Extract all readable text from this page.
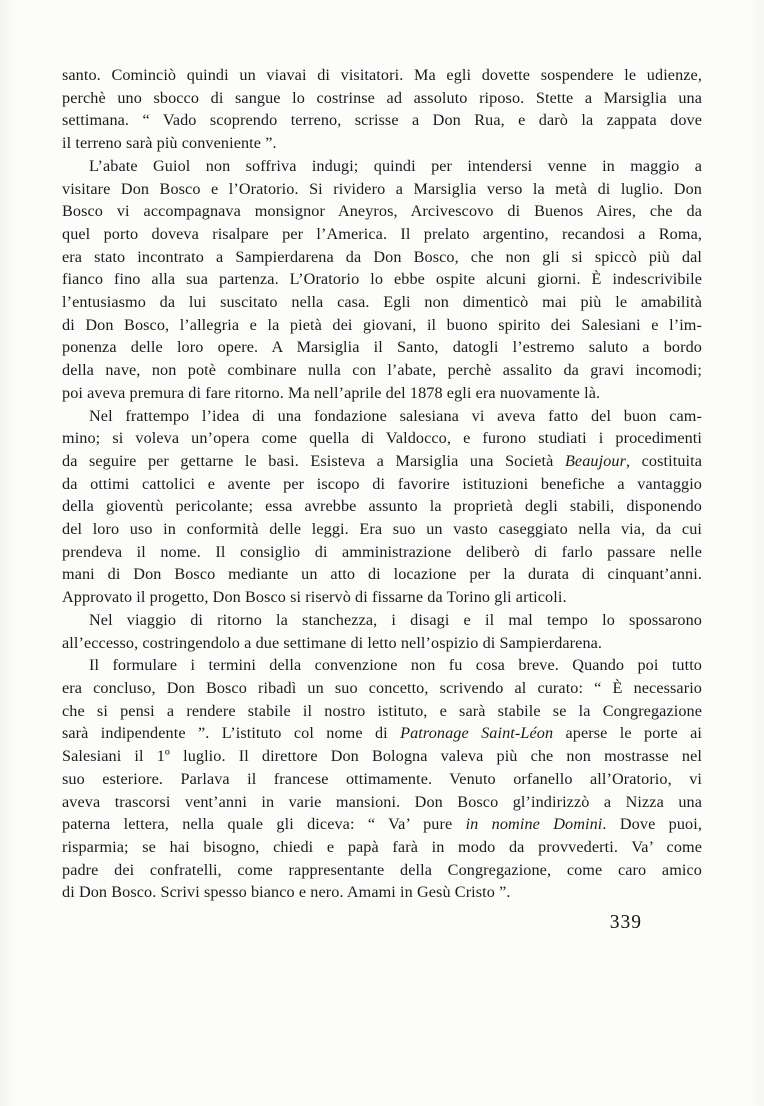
santo. Cominciò quindi un viavai di visitatori. Ma egli dovette sospendere le udienze,
perchè uno sbocco di sangue lo costrinse ad assoluto riposo. Stette a Marsiglia una
settimana. “ Vado scoprendo terreno, scrisse a Don Rua, e darò la zappata dove
il terreno sarà più conveniente ”.

L’abate Guiol non soffriva indugi; quindi per intendersi venne in maggio a
visitare Don Bosco e l’Oratorio. Si rividero a Marsiglia verso la metà di luglio. Don
Bosco vi accompagnava monsignor Aneyros, Arcivescovo di Buenos Aires, che da
quel porto doveva risalpare per l’America. Il prelato argentino, recandosi a Roma,
era stato incontrato a Sampierdarena da Don Bosco, che non gli si spiccò più dal
fianco fino alla sua partenza. L’Oratorio lo ebbe ospite alcuni giorni. È indescrivibile
l’entusiasmo da lui suscitato nella casa. Egli non dimenticò mai più le amabilità
di Don Bosco, l’allegria e la pietà dei giovani, il buono spirito dei Salesiani e l’im-
ponenza delle loro opere. A Marsiglia il Santo, datogli l’estremo saluto a bordo
della nave, non potè combinare nulla con l’abate, perchè assalito da gravi incomodi;
poi aveva premura di fare ritorno. Ma nell’aprile del 1878 egli era nuovamente là.

Nel frattempo l’idea di una fondazione salesiana vi aveva fatto del buon cam-
mino; si voleva un’opera come quella di Valdocco, e furono studiati i procedimenti
da seguire per gettarne le basi. Esisteva a Marsiglia una Società Beaujour, costituita
da ottimi cattolici e avente per iscopo di favorire istituzioni benefiche a vantaggio
della gioventù pericolante; essa avrebbe assunto la proprietà degli stabili, disponendo
del loro uso in conformità delle leggi. Era suo un vasto caseggiato nella via, da cui
prendeva il nome. Il consiglio di amministrazione deliberò di farlo passare nelle
mani di Don Bosco mediante un atto di locazione per la durata di cinquant’anni.
Approvato il progetto, Don Bosco si riservò di fissarne da Torino gli articoli.

Nel viaggio di ritorno la stanchezza, i disagi e il mal tempo lo spossarono
all’eccesso, costringendolo a due settimane di letto nell’ospizio di Sampierdarena.

Il formulare i termini della convenzione non fu cosa breve. Quando poi tutto
era concluso, Don Bosco ribadì un suo concetto, scrivendo al curato: “ È necessario
che si pensi a rendere stabile il nostro istituto, e sarà stabile se la Congregazione
sarà indipendente ”. L’istituto col nome di Patronage Saint-Léon aperse le porte ai
Salesiani il 1º luglio. Il direttore Don Bologna valeva più che non mostrasse nel
suo esteriore. Parlava il francese ottimamente. Venuto orfanello all’Oratorio, vi
aveva trascorsi vent’anni in varie mansioni. Don Bosco gl’indirizzò a Nizza una
paterna lettera, nella quale gli diceva: “ Va’ pure in nomine Domini. Dove puoi,
risparmia; se hai bisogno, chiedi e papà farà in modo da provvederti. Va’ come
padre dei confratelli, come rappresentante della Congregazione, come caro amico
di Don Bosco. Scrivi spesso bianco e nero. Amami in Gesù Cristo ”.

339
